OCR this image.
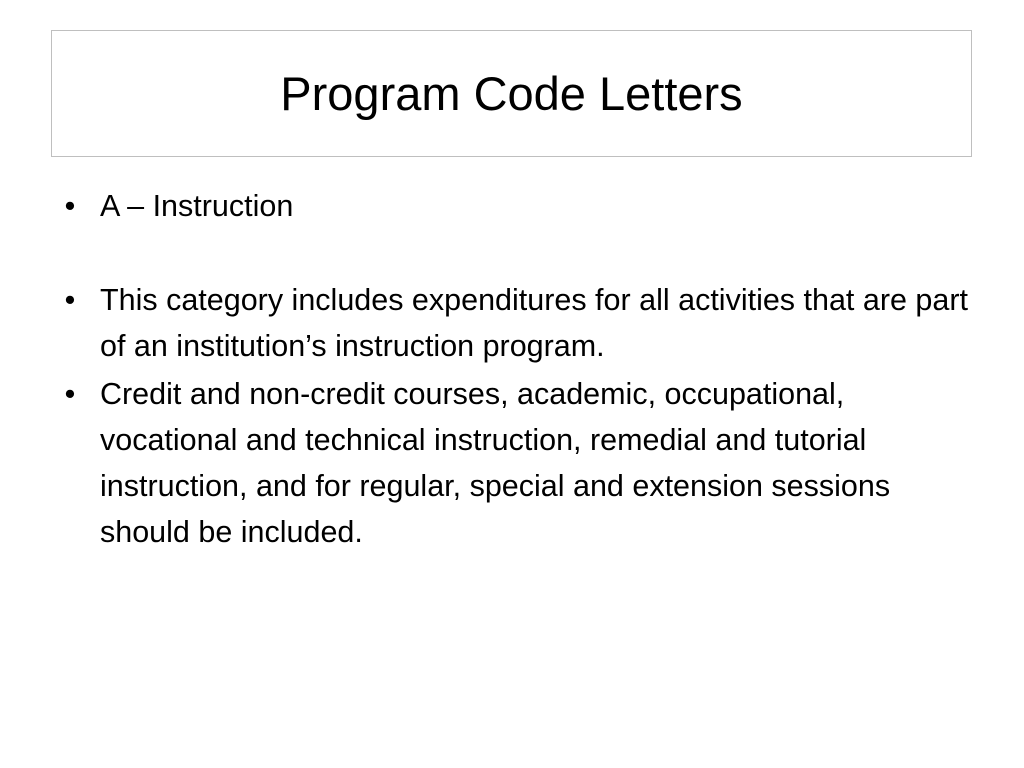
Program Code Letters
• A – Instruction
• This category includes expenditures for all activities that are part of an institution’s instruction program.
• Credit and non-credit courses, academic, occupational, vocational and technical instruction, remedial and tutorial instruction, and for regular, special and extension sessions should be included.
